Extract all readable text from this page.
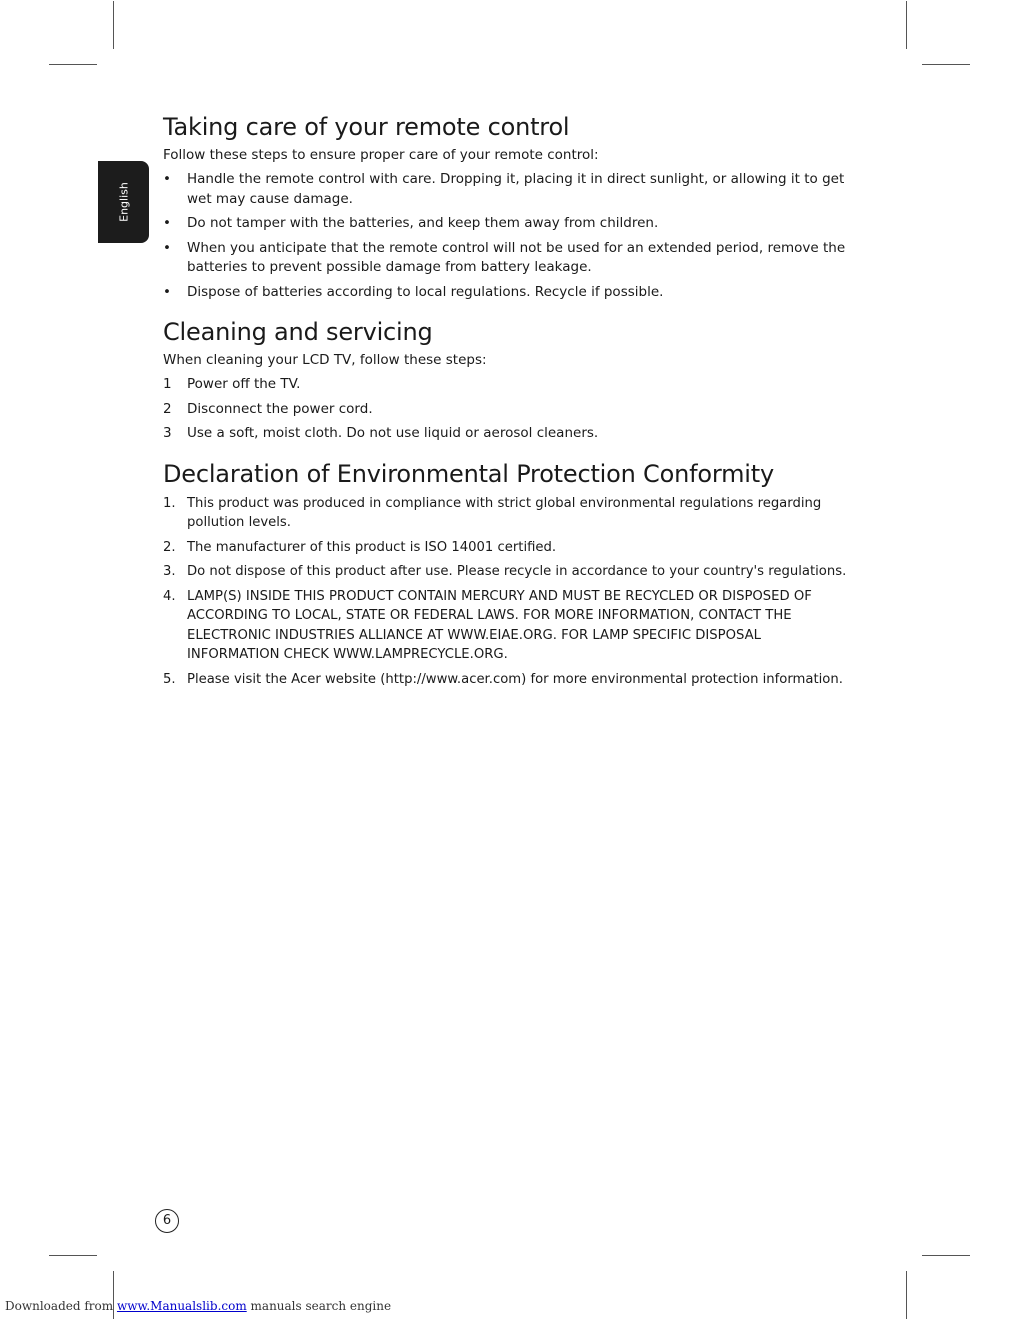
English
Taking care of your remote control

Follow these steps to ensure proper care of your remote control:

• Handle the remote control with care. Dropping it, placing it in direct sunlight, or allowing it to get wet may cause damage.
• Do not tamper with the batteries, and keep them away from children.
• When you anticipate that the remote control will not be used for an extended period, remove the batteries to prevent possible damage from battery leakage.
• Dispose of batteries according to local regulations. Recycle if possible.
Cleaning and servicing

When cleaning your LCD TV, follow these steps:

1 Power off the TV.
2 Disconnect the power cord.
3 Use a soft, moist cloth. Do not use liquid or aerosol cleaners.
Declaration of Environmental Protection Conformity
1. This product was produced in compliance with strict global environmental regulations regarding pollution levels.
2. The manufacturer of this product is ISO 14001 certified.
3. Do not dispose of this product after use. Please recycle in accordance to your country's regulations.
4. LAMP(S) INSIDE THIS PRODUCT CONTAIN MERCURY AND MUST BE RECYCLED OR DISPOSED OF ACCORDING TO LOCAL, STATE OR FEDERAL LAWS. FOR MORE INFORMATION, CONTACT THE ELECTRONIC INDUSTRIES ALLIANCE AT WWW.EIAE.ORG. FOR LAMP SPECIFIC DISPOSAL INFORMATION CHECK WWW.LAMPRECYCLE.ORG.
5. Please visit the Acer website (http://www.acer.com) for more environmental protection information.
6
Downloaded from www.Manualslib.com manuals search engine
